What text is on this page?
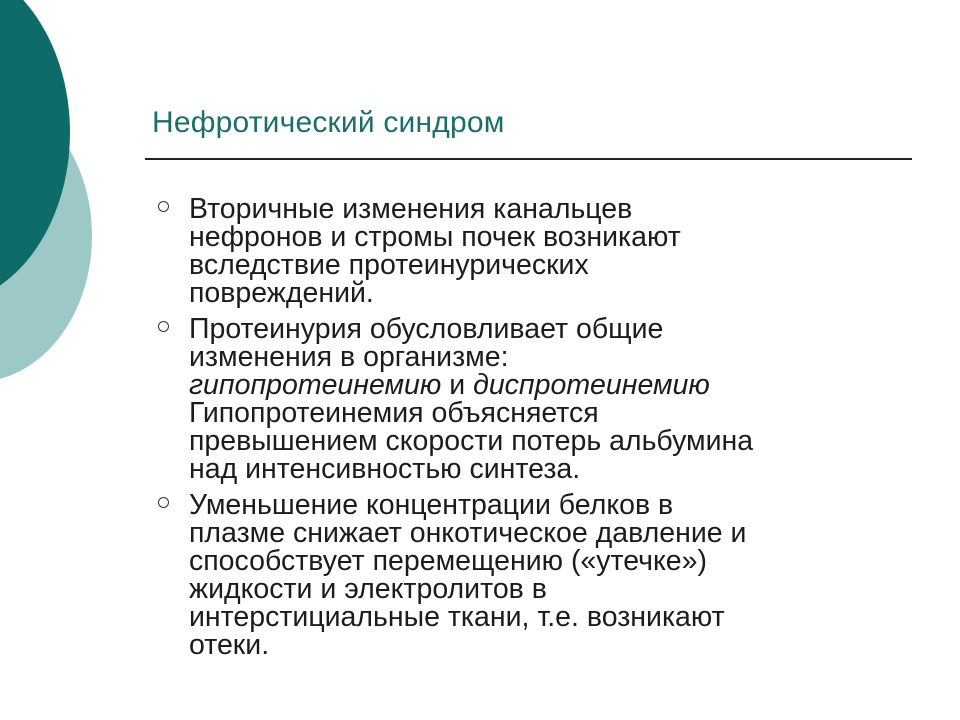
Нефротический синдром
Вторичные изменения канальцев
нефронов и стромы почек возникают
вследствие протеинурических
повреждений.
Протеинурия обусловливает общие
изменения в организме:
гипопротеинемию и диспротеинемию
Гипопротеинемия объясняется
превышением скорости потерь альбумина
над интенсивностью синтеза.
Уменьшение концентрации белков в
плазме снижает онкотическое давление и
способствует перемещению («утечке»)
жидкости и электролитов в
интерстициальные ткани, т.е. возникают
отеки.
